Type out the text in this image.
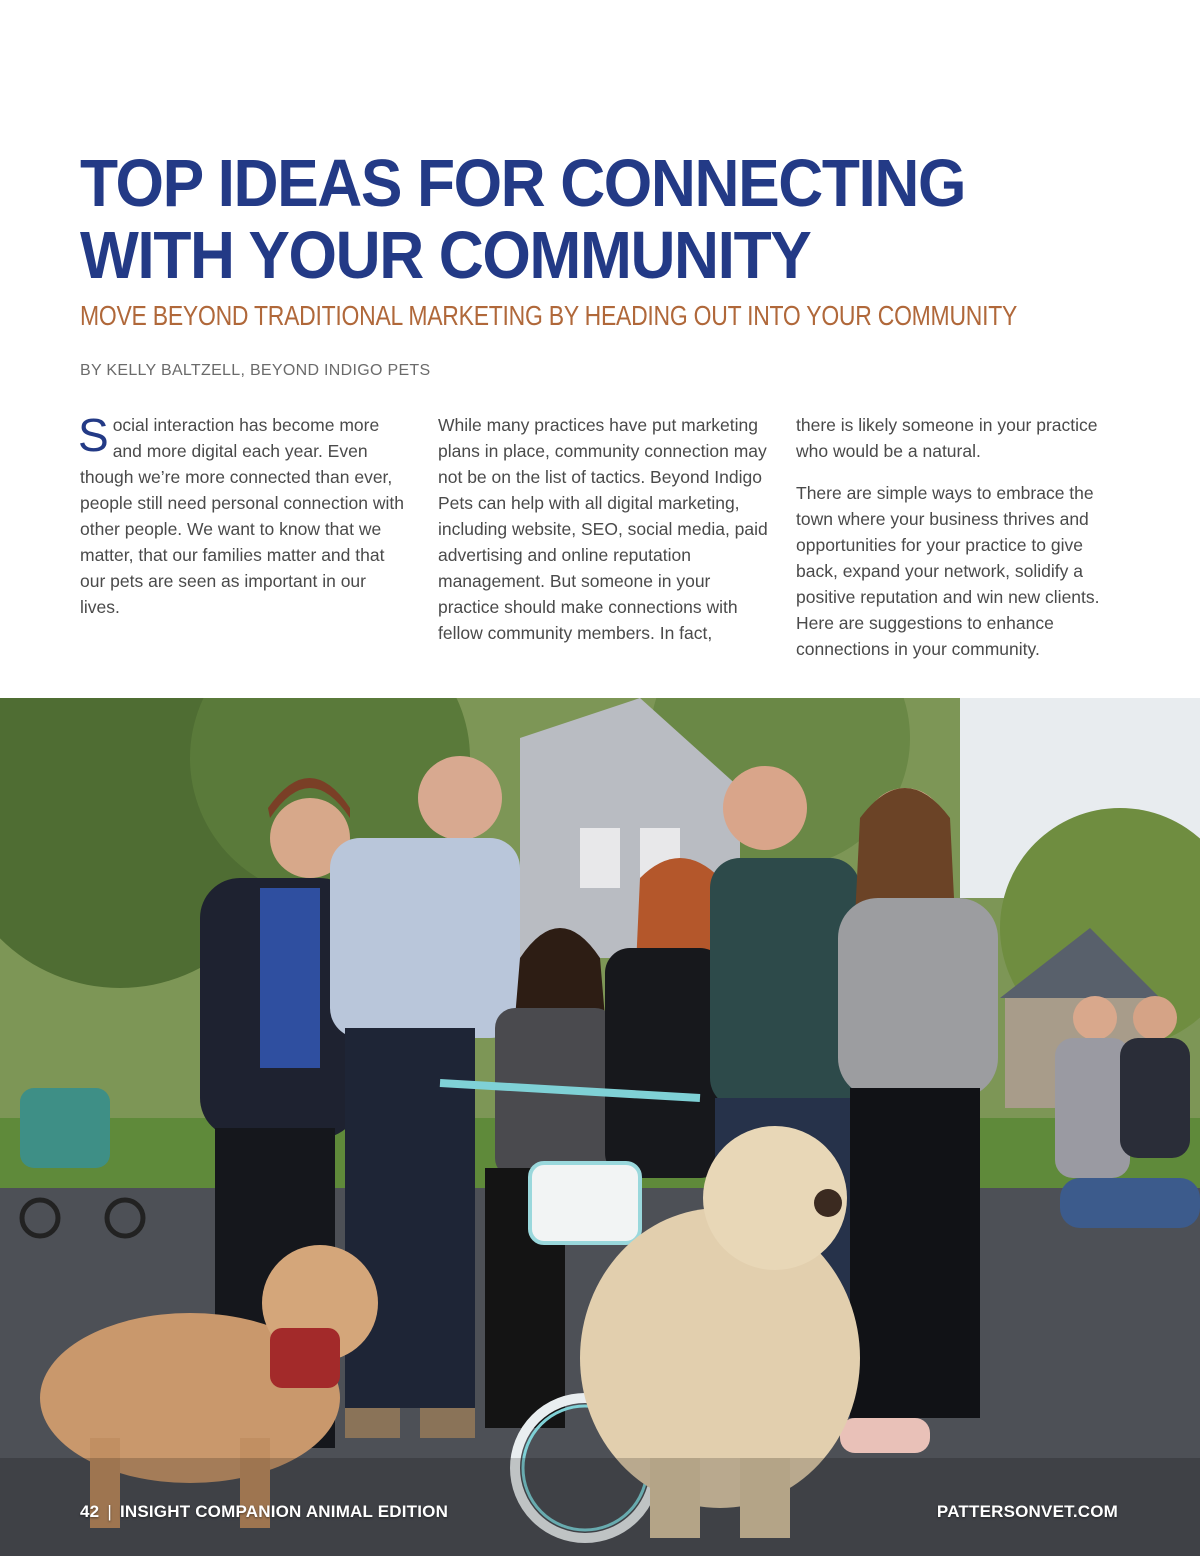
TOP IDEAS FOR CONNECTING
WITH YOUR COMMUNITY
MOVE BEYOND TRADITIONAL MARKETING BY HEADING OUT INTO YOUR COMMUNITY
BY KELLY BALTZELL, BEYOND INDIGO PETS

Social interaction has become more and more digital each year. Even though we’re more connected than ever, people still need personal connection with other people. We want to know that we matter, that our families matter and that our pets are seen as important in our lives.

While many practices have put marketing plans in place, community connection may not be on the list of tactics. Beyond Indigo Pets can help with all digital marketing, including website, SEO, social media, paid advertising and online reputation management. But someone in your practice should make connections with fellow community members. In fact,

there is likely someone in your practice who would be a natural.

There are simple ways to embrace the town where your business thrives and opportunities for your practice to give back, expand your network, solidify a positive reputation and win new clients. Here are suggestions to enhance connections in your community.

42 | INSIGHT COMPANION ANIMAL EDITION	PATTERSONVET.COM
